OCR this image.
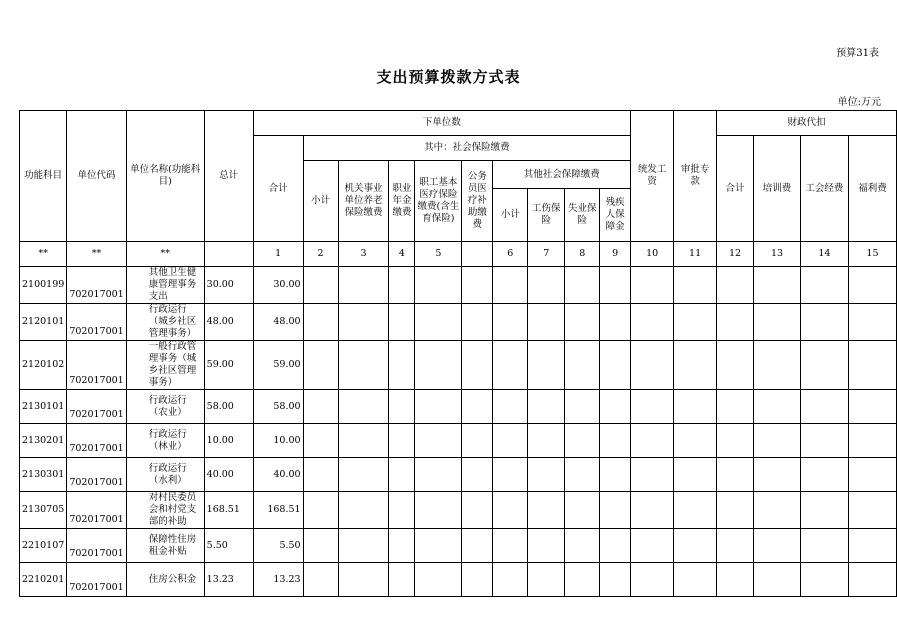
预算31表
支出预算拨款方式表
单位:万元
功能科目	单位代码	单位名称(功能科目)	总计	下单位数										统发工资	审批专款	财政代扣			
				合计	其中：社会保险缴费											合计	培训费	工会经费	福利费
					小计	机关事业单位养老保险缴费	职业年金缴费	职工基本医疗保险缴费(含生育保险)	公务员医疗补助缴费	其他社会保障缴费									
										小计	工伤保险	失业保险	残疾人保障金						
**	**	**		1	2	3	4	5		6	7	8	9	10	11	12	13	14	15
2100199	702017001	其他卫生健康管理事务支出	30.00	30.00															
2120101	702017001	行政运行（城乡社区管理事务）	48.00	48.00															
2120102	702017001	一般行政管理事务（城乡社区管理事务）	59.00	59.00															
2130101	702017001	行政运行（农业）	58.00	58.00															
2130201	702017001	行政运行（林业）	10.00	10.00															
2130301	702017001	行政运行（水利）	40.00	40.00															
2130705	702017001	对村民委员会和村党支部的补助	168.51	168.51															
2210107	702017001	保障性住房租金补贴	5.50	5.50															
2210201	702017001	住房公积金	13.23	13.23															
